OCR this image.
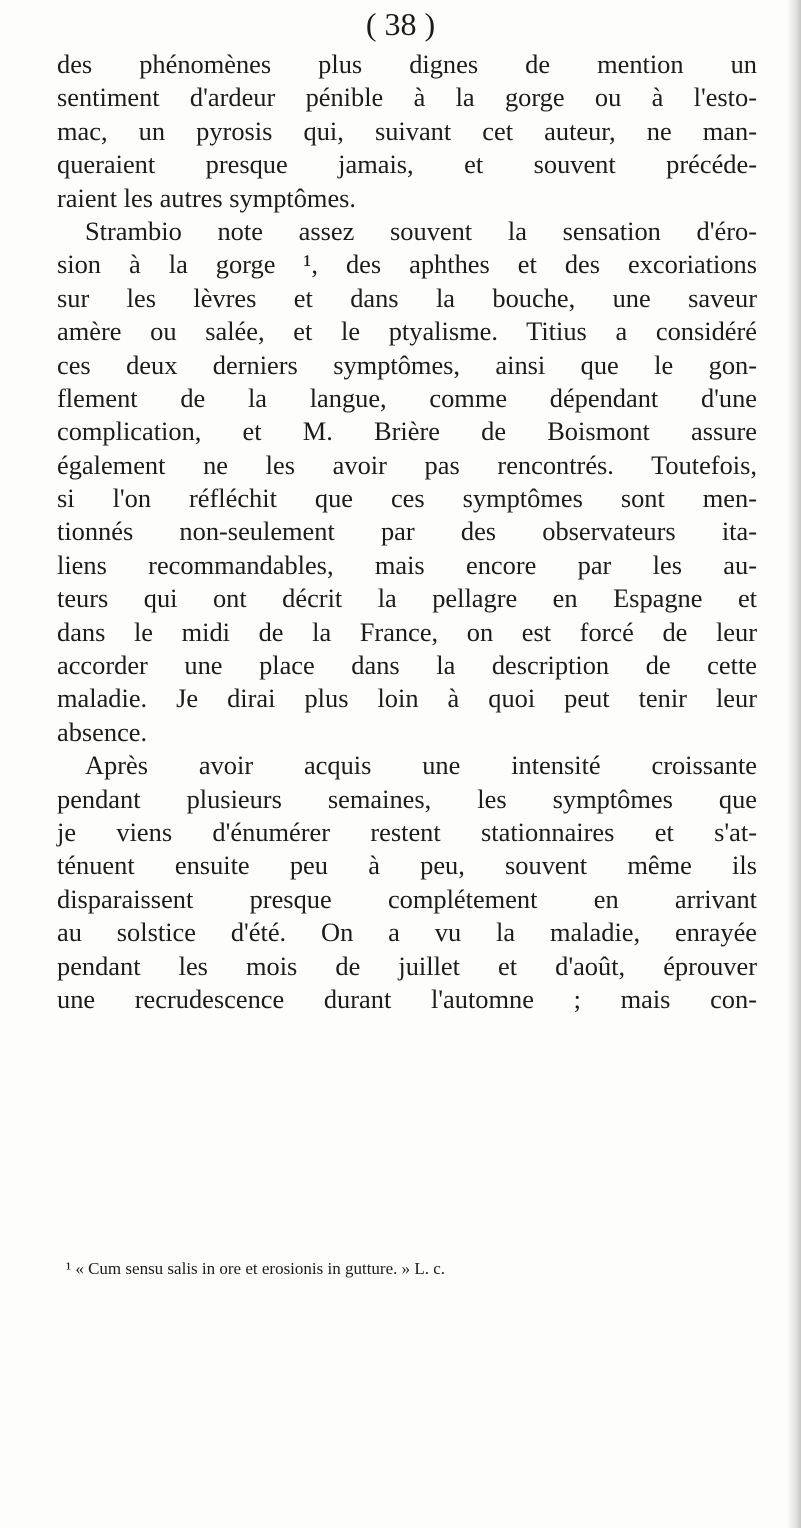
( 38 )
des phénomènes plus dignes de mention un
sentiment d'ardeur pénible à la gorge ou à l'esto-
mac, un pyrosis qui, suivant cet auteur, ne man-
queraient presque jamais, et souvent précéde-
raient les autres symptômes.
Strambio note assez souvent la sensation d'éro-
sion à la gorge ¹, des aphthes et des excoriations
sur les lèvres et dans la bouche, une saveur
amère ou salée, et le ptyalisme. Titius a considéré
ces deux derniers symptômes, ainsi que le gon-
flement de la langue, comme dépendant d'une
complication, et M. Brière de Boismont assure
également ne les avoir pas rencontrés. Toutefois,
si l'on réfléchit que ces symptômes sont men-
tionnés non-seulement par des observateurs ita-
liens recommandables, mais encore par les au-
teurs qui ont décrit la pellagre en Espagne et
dans le midi de la France, on est forcé de leur
accorder une place dans la description de cette
maladie. Je dirai plus loin à quoi peut tenir leur
absence.
Après avoir acquis une intensité croissante
pendant plusieurs semaines, les symptômes que
je viens d'énumérer restent stationnaires et s'at-
ténuent ensuite peu à peu, souvent même ils
disparaissent presque complétement en arrivant
au solstice d'été. On a vu la maladie, enrayée
pendant les mois de juillet et d'août, éprouver
une recrudescence durant l'automne ; mais con-
¹ « Cum sensu salis in ore et erosionis in gutture. » L. c.
